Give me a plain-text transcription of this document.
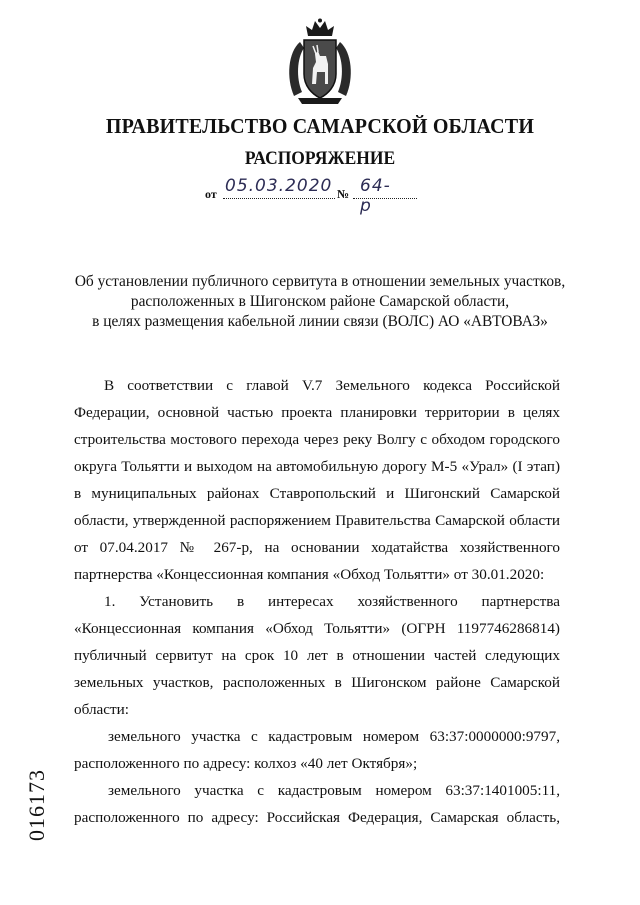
ПРАВИТЕЛЬСТВО САМАРСКОЙ ОБЛАСТИ
РАСПОРЯЖЕНИЕ
от 05.03.2020 № 64-р
Об установлении публичного сервитута в отношении земельных участков,
расположенных в Шигонском районе Самарской области,
в целях размещения кабельной линии связи (ВОЛС) АО «АВТОВАЗ»
В соответствии с главой V.7 Земельного кодекса Российской
Федерации, основной частью проекта планировки территории в целях
строительства мостового перехода через реку Волгу с обходом городского
округа Тольятти и выходом на автомобильную дорогу М-5 «Урал» (I этап)
в муниципальных районах Ставропольский и Шигонский Самарской
области, утвержденной распоряжением Правительства Самарской области
от 07.04.2017 № 267-р, на основании ходатайства хозяйственного
партнерства «Концессионная компания «Обход Тольятти» от 30.01.2020:
1. Установить в интересах хозяйственного партнерства
«Концессионная компания «Обход Тольятти» (ОГРН 1197746286814)
публичный сервитут на срок 10 лет в отношении частей следующих
земельных участков, расположенных в Шигонском районе Самарской
области:
земельного участка с кадастровым номером 63:37:0000000:9797,
расположенного по адресу: колхоз «40 лет Октября»;
земельного участка с кадастровым номером 63:37:1401005:11,
расположенного по адресу: Российская Федерация, Самарская область,
016173
